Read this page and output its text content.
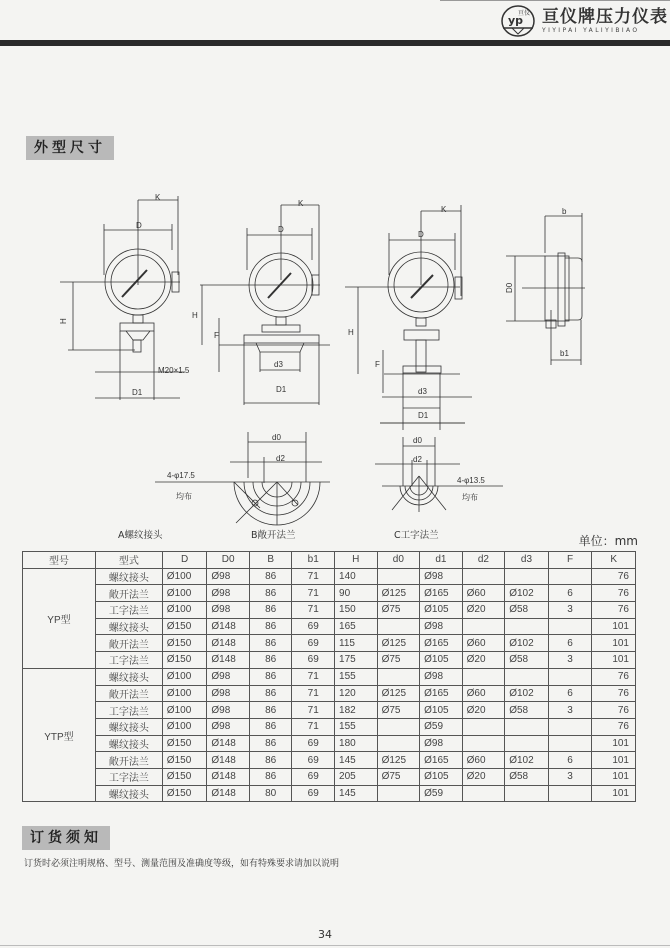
yp
亘仪 亘仪牌压力仪表
YIYIPAI YALIYIBIAO
外型尺寸
K
D
H
M20×1.5
D1
K
D
H
F
d3
D1
K
D
H
F
d3
D1
b
D0
b1
d0
d2
4-φ17.5
均布
d0
d2
4-φ13.5
均布
A螺纹接头	B敞开法兰	C工字法兰	单位：mm
型号	型式	D	D0	B	b1	H	d0	d1	d2	d3	F	K
YP型	螺纹接头	Ø100	Ø98	86	71	140		Ø98				76
	敞开法兰	Ø100	Ø98	86	71	90	Ø125	Ø165	Ø60	Ø102	6	76
	工字法兰	Ø100	Ø98	86	71	150	Ø75	Ø105	Ø20	Ø58	3	76
	螺纹接头	Ø150	Ø148	86	69	165		Ø98				101
	敞开法兰	Ø150	Ø148	86	69	115	Ø125	Ø165	Ø60	Ø102	6	101
	工字法兰	Ø150	Ø148	86	69	175	Ø75	Ø105	Ø20	Ø58	3	101
YTP型	螺纹接头	Ø100	Ø98	86	71	155		Ø98				76
	敞开法兰	Ø100	Ø98	86	71	120	Ø125	Ø165	Ø60	Ø102	6	76
	工字法兰	Ø100	Ø98	86	71	182	Ø75	Ø105	Ø20	Ø58	3	76
	螺纹接头	Ø100	Ø98	86	71	155		Ø59				76
	螺纹接头	Ø150	Ø148	86	69	180		Ø98				101
	敞开法兰	Ø150	Ø148	86	69	145	Ø125	Ø165	Ø60	Ø102	6	101
	工字法兰	Ø150	Ø148	86	69	205	Ø75	Ø105	Ø20	Ø58	3	101
	螺纹接头	Ø150	Ø148	80	69	145		Ø59				101
订货须知
订货时必须注明规格、型号、测量范围及准确度等级，如有特殊要求请加以说明
34
